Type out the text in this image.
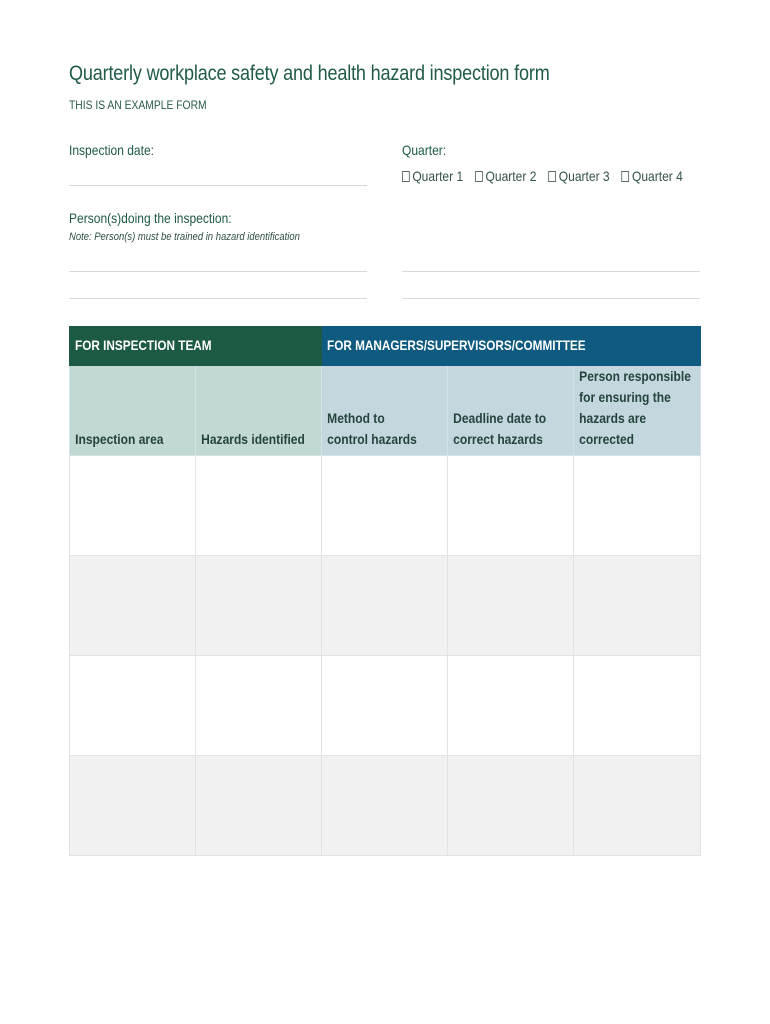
Quarterly workplace safety and health hazard inspection form
THIS IS AN EXAMPLE FORM
Inspection date:	Quarter:
Quarter 1 Quarter 2 Quarter 3 Quarter 4
Person(s)doing the inspection:
Note: Person(s) must be trained in hazard identification
FOR INSPECTION TEAM		FOR MANAGERS/SUPERVISORS/COMMITTEE		

Inspection area	Hazards identified	Method to control hazards	Deadline date to correct hazards	Person responsible for ensuring the hazards are corrected
